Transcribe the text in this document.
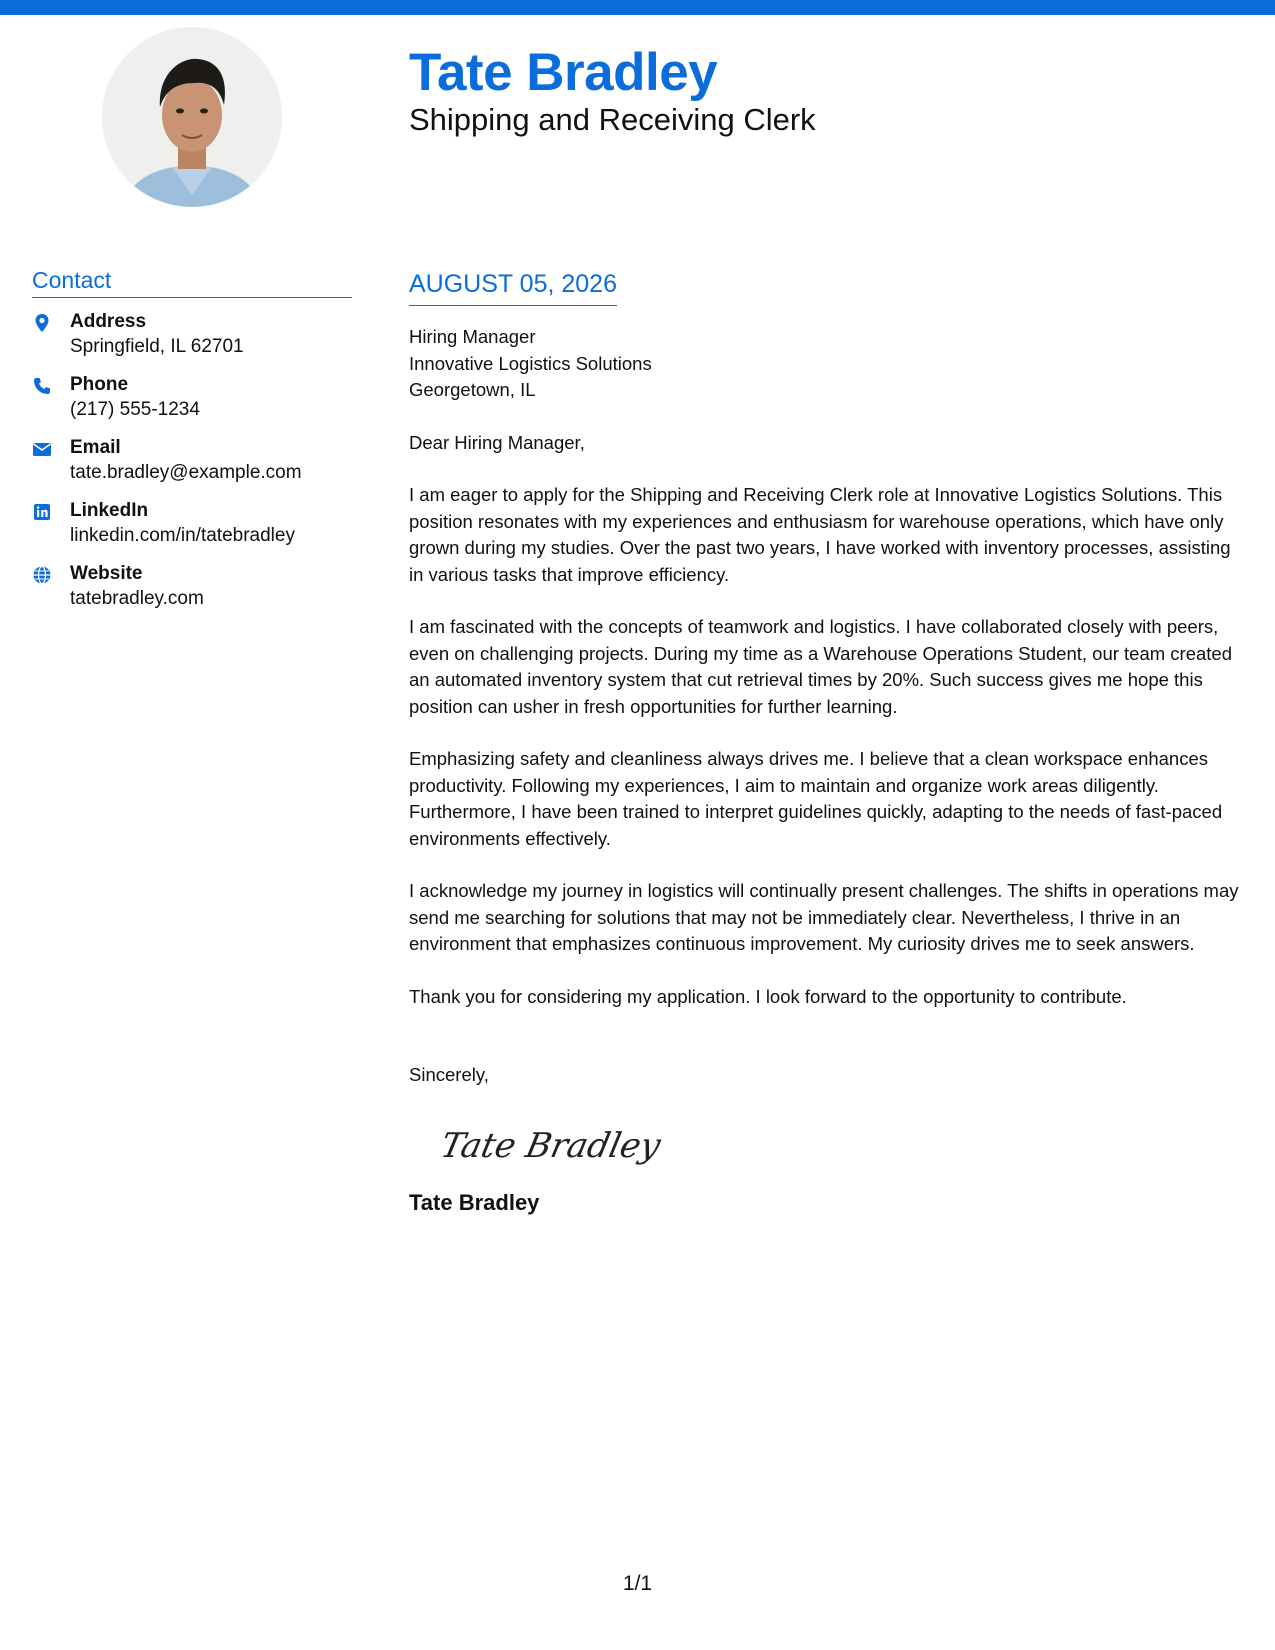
Tate Bradley
Shipping and Receiving Clerk
Contact
Address
Springfield, IL 62701
Phone
(217) 555-1234
Email
tate.bradley@example.com
LinkedIn
linkedin.com/in/tatebradley
Website
tatebradley.com
AUGUST 05, 2026
Hiring Manager
Innovative Logistics Solutions
Georgetown, IL
Dear Hiring Manager,
I am eager to apply for the Shipping and Receiving Clerk role at Innovative Logistics Solutions. This position resonates with my experiences and enthusiasm for warehouse operations, which have only grown during my studies. Over the past two years, I have worked with inventory processes, assisting in various tasks that improve efficiency.
I am fascinated with the concepts of teamwork and logistics. I have collaborated closely with peers, even on challenging projects. During my time as a Warehouse Operations Student, our team created an automated inventory system that cut retrieval times by 20%. Such success gives me hope this position can usher in fresh opportunities for further learning.
Emphasizing safety and cleanliness always drives me. I believe that a clean workspace enhances productivity. Following my experiences, I aim to maintain and organize work areas diligently. Furthermore, I have been trained to interpret guidelines quickly, adapting to the needs of fast-paced environments effectively.
I acknowledge my journey in logistics will continually present challenges. The shifts in operations may send me searching for solutions that may not be immediately clear. Nevertheless, I thrive in an environment that emphasizes continuous improvement. My curiosity drives me to seek answers.
Thank you for considering my application. I look forward to the opportunity to contribute.
Sincerely,
Tate Bradley
Tate Bradley
1/1
